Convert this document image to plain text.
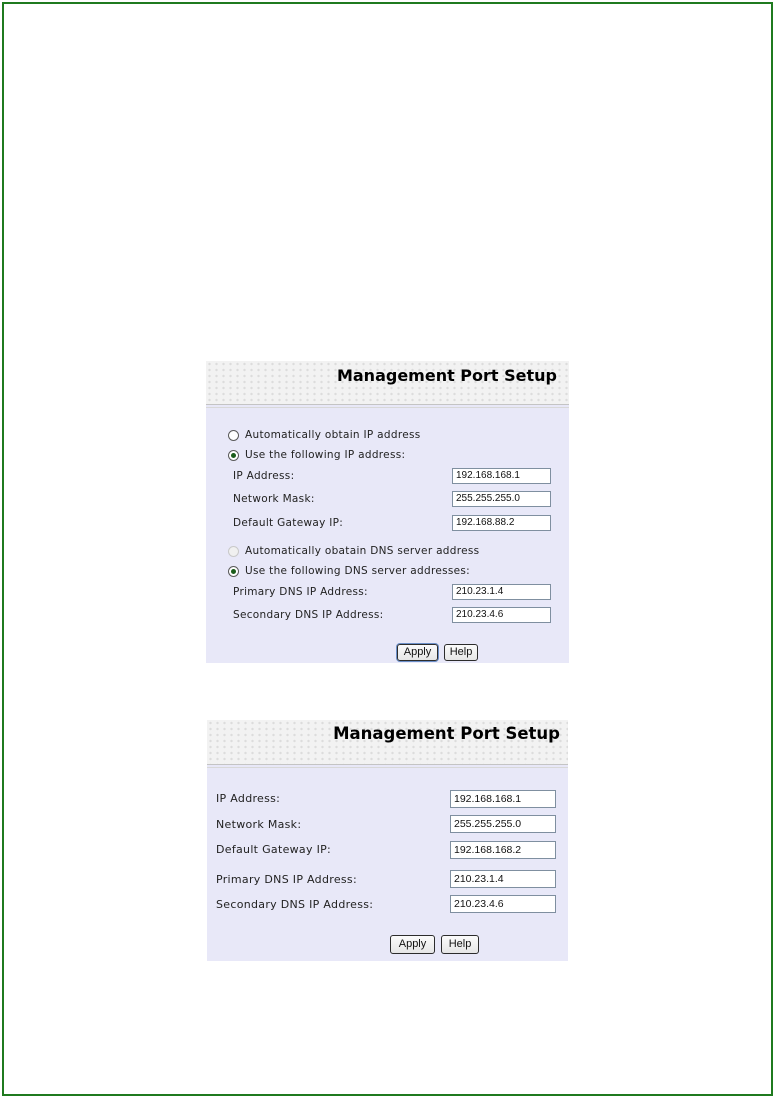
Management Port Setup
Automatically obtain IP address
Use the following IP address:
IP Address:	192.168.168.1
Network Mask:	255.255.255.0
Default Gateway IP:	192.168.88.2
Automatically obatain DNS server address
Use the following DNS server addresses:
Primary DNS IP Address:	210.23.1.4
Secondary DNS IP Address:	210.23.4.6
Apply	Help
Management Port Setup
IP Address:	192.168.168.1
Network Mask:	255.255.255.0
Default Gateway IP:	192.168.168.2
Primary DNS IP Address:	210.23.1.4
Secondary DNS IP Address:	210.23.4.6
Apply	Help
